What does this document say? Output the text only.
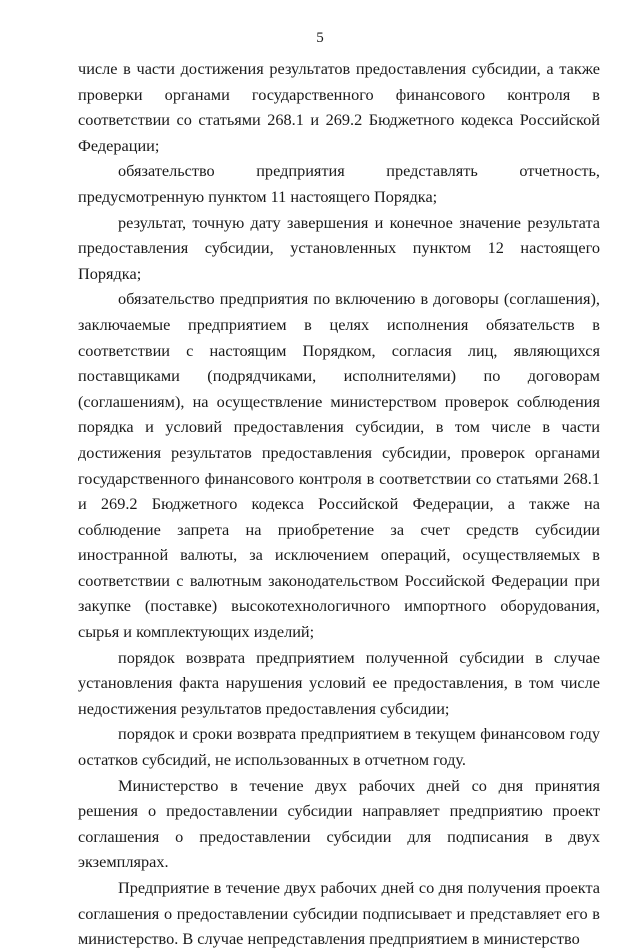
5

числе в части достижения результатов предоставления субсидии, а также проверки органами государственного финансового контроля в соответствии со статьями 268.1 и 269.2 Бюджетного кодекса Российской Федерации;

обязательство предприятия представлять отчетность, предусмотренную пунктом 11 настоящего Порядка;

результат, точную дату завершения и конечное значение результата предоставления субсидии, установленных пунктом 12 настоящего Порядка;

обязательство предприятия по включению в договоры (соглашения), заключаемые предприятием в целях исполнения обязательств в соответствии с настоящим Порядком, согласия лиц, являющихся поставщиками (подрядчиками, исполнителями) по договорам (соглашениям), на осуществление министерством проверок соблюдения порядка и условий предоставления субсидии, в том числе в части достижения результатов предоставления субсидии, проверок органами государственного финансового контроля в соответствии со статьями 268.1 и 269.2 Бюджетного кодекса Российской Федерации, а также на соблюдение запрета на приобретение за счет средств субсидии иностранной валюты, за исключением операций, осуществляемых в соответствии с валютным законодательством Российской Федерации при закупке (поставке) высокотехнологичного импортного оборудования, сырья и комплектующих изделий;

порядок возврата предприятием полученной субсидии в случае установления факта нарушения условий ее предоставления, в том числе недостижения результатов предоставления субсидии;

порядок и сроки возврата предприятием в текущем финансовом году остатков субсидий, не использованных в отчетном году.

Министерство в течение двух рабочих дней со дня принятия решения о предоставлении субсидии направляет предприятию проект соглашения о предоставлении субсидии для подписания в двух экземплярах.

Предприятие в течение двух рабочих дней со дня получения проекта соглашения о предоставлении субсидии подписывает и представляет его в министерство. В случае непредставления предприятием в министерство
